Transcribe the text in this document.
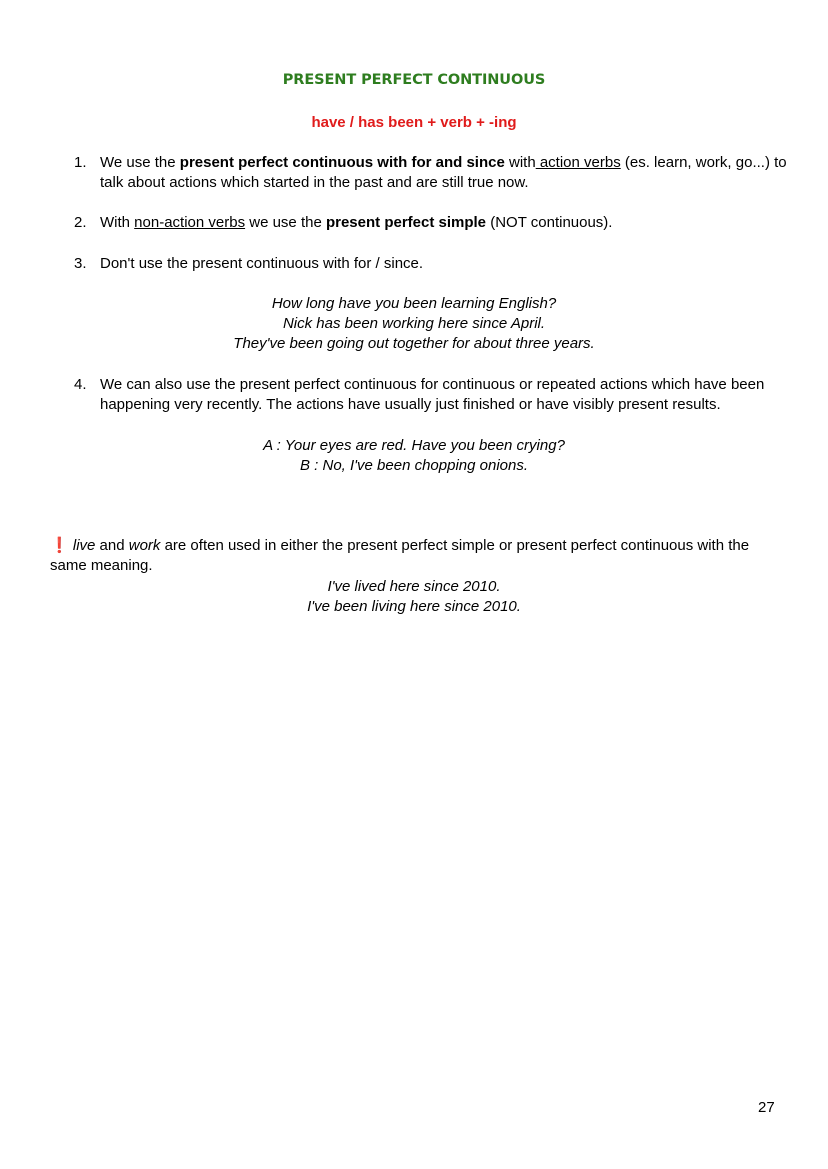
PRESENT PERFECT CONTINUOUS
have / has been + verb + -ing
1. We use the present perfect continuous with for and since with action verbs (es. learn, work, go...) to talk about actions which started in the past and are still true now.
2. With non-action verbs we use the present perfect simple (NOT continuous).
3. Don't use the present continuous with for / since.
How long have you been learning English?
Nick has been working here since April.
They've been going out together for about three years.
4. We can also use the present perfect continuous for continuous or repeated actions which have been happening very recently. The actions have usually just finished or have visibly present results.
A : Your eyes are red. Have you been crying?
B : No, I've been chopping onions.
❗ live and work are often used in either the present perfect simple or present perfect continuous with the same meaning.
I've lived here since 2010.
I've been living here since 2010.
27
